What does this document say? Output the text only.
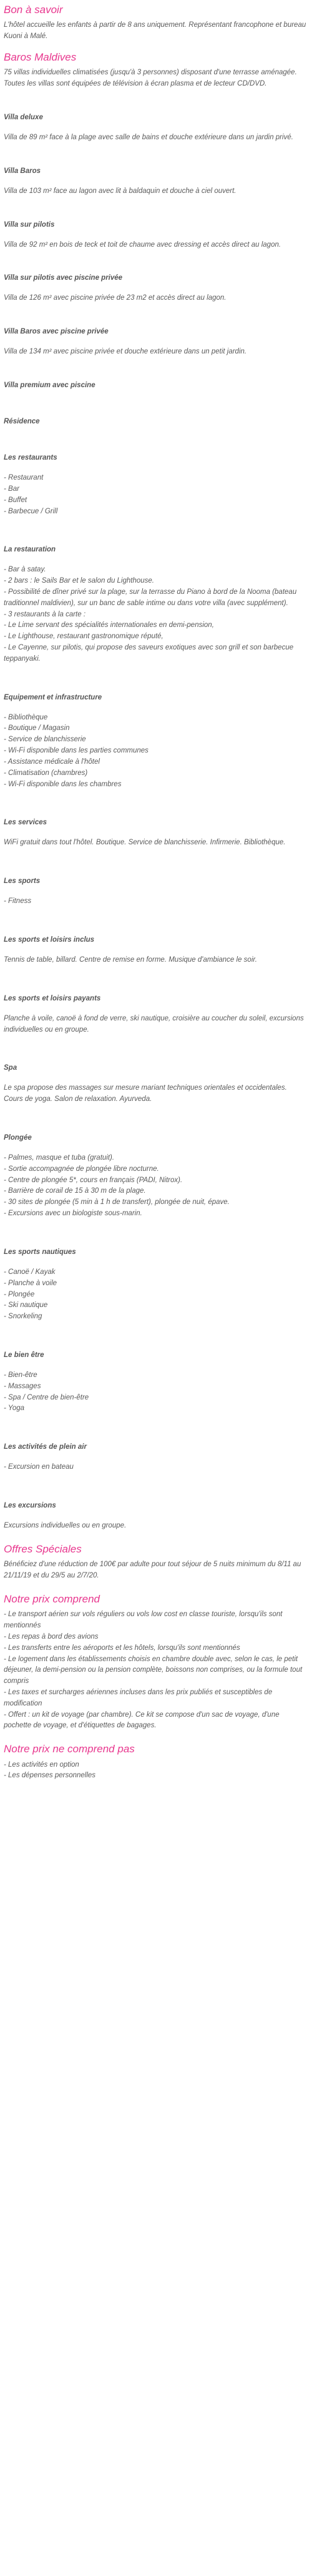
Bon à savoir

L'hôtel accueille les enfants à partir de 8 ans uniquement. Représentant francophone et bureau Kuoni à Malé.

Baros Maldives

75 villas individuelles climatisées (jusqu'à 3 personnes) disposant d'une terrasse aménagée. Toutes les villas sont équipées de télévision à écran plasma et de lecteur CD/DVD.

Villa deluxe

Villa de 89 m² face à la plage avec salle de bains et douche extérieure dans un jardin privé.

Villa Baros

Villa de 103 m² face au lagon avec lit à baldaquin et douche à ciel ouvert.

Villa sur pilotis

Villa de 92 m² en bois de teck et toit de chaume avec dressing et accès direct au lagon.

Villa sur pilotis avec piscine privée

Villa de 126 m² avec piscine privée de 23 m2 et accès direct au lagon.

Villa Baros avec piscine privée

Villa de 134 m² avec piscine privée et douche extérieure dans un petit jardin.

Villa premium avec piscine

Résidence
Les restaurants
- Restaurant
- Bar
- Buffet
- Barbecue / Grill
La restauration
- Bar à satay.
- 2 bars : le Sails Bar et le salon du Lighthouse.
- Possibilité de dîner privé sur la plage, sur la terrasse du Piano à bord de la Nooma (bateau traditionnel maldivien), sur un banc de sable intime ou dans votre villa (avec supplément).
- 3 restaurants à la carte :
- Le Lime servant des spécialités internationales en demi-pension,
- Le Lighthouse, restaurant gastronomique réputé,
- Le Cayenne, sur pilotis, qui propose des saveurs exotiques avec son grill et son barbecue teppanyaki.
Equipement et infrastructure
- Bibliothèque
- Boutique / Magasin
- Service de blanchisserie
- Wi-Fi disponible dans les parties communes
- Assistance médicale à l'hôtel
- Climatisation (chambres)
- Wi-Fi disponible dans les chambres
Les services

WiFi gratuit dans tout l'hôtel. Boutique. Service de blanchisserie. Infirmerie. Bibliothèque.

Les sports
- Fitness
Les sports et loisirs inclus

Tennis de table, billard. Centre de remise en forme. Musique d'ambiance le soir.

Les sports et loisirs payants

Planche à voile, canoë à fond de verre, ski nautique, croisière au coucher du soleil, excursions individuelles ou en groupe.

Spa

Le spa propose des massages sur mesure mariant techniques orientales et occidentales. Cours de yoga. Salon de relaxation. Ayurveda.

Plongée
- Palmes, masque et tuba (gratuit).
- Sortie accompagnée de plongée libre nocturne.
- Centre de plongée 5*, cours en français (PADI, Nitrox).
- Barrière de corail de 15 à 30 m de la plage.
- 30 sites de plongée (5 min à 1 h de transfert), plongée de nuit, épave.
- Excursions avec un biologiste sous-marin.
Les sports nautiques
- Canoë / Kayak
- Planche à voile
- Plongée
- Ski nautique
- Snorkeling
Le bien être
- Bien-être
- Massages
- Spa / Centre de bien-être
- Yoga
Les activités de plein air
- Excursion en bateau
Les excursions

Excursions individuelles ou en groupe.

Offres Spéciales

Bénéficiez d'une réduction de 100€ par adulte pour tout séjour de 5 nuits minimum du 8/11 au 21/11/19 et du 29/5 au 2/7/20.

Notre prix comprend
- Le transport aérien sur vols réguliers ou vols low cost en classe touriste, lorsqu'ils sont mentionnés
- Les repas à bord des avions
- Les transferts entre les aéroports et les hôtels, lorsqu'ils sont mentionnés
- Le logement dans les établissements choisis en chambre double avec, selon le cas, le petit déjeuner, la demi-pension ou la pension complète, boissons non comprises, ou la formule tout compris
- Les taxes et surcharges aériennes incluses dans les prix publiés et susceptibles de modification
- Offert : un kit de voyage (par chambre). Ce kit se compose d'un sac de voyage, d'une pochette de voyage, et d'étiquettes de bagages.
Notre prix ne comprend pas
- Les activités en option
- Les dépenses personnelles
